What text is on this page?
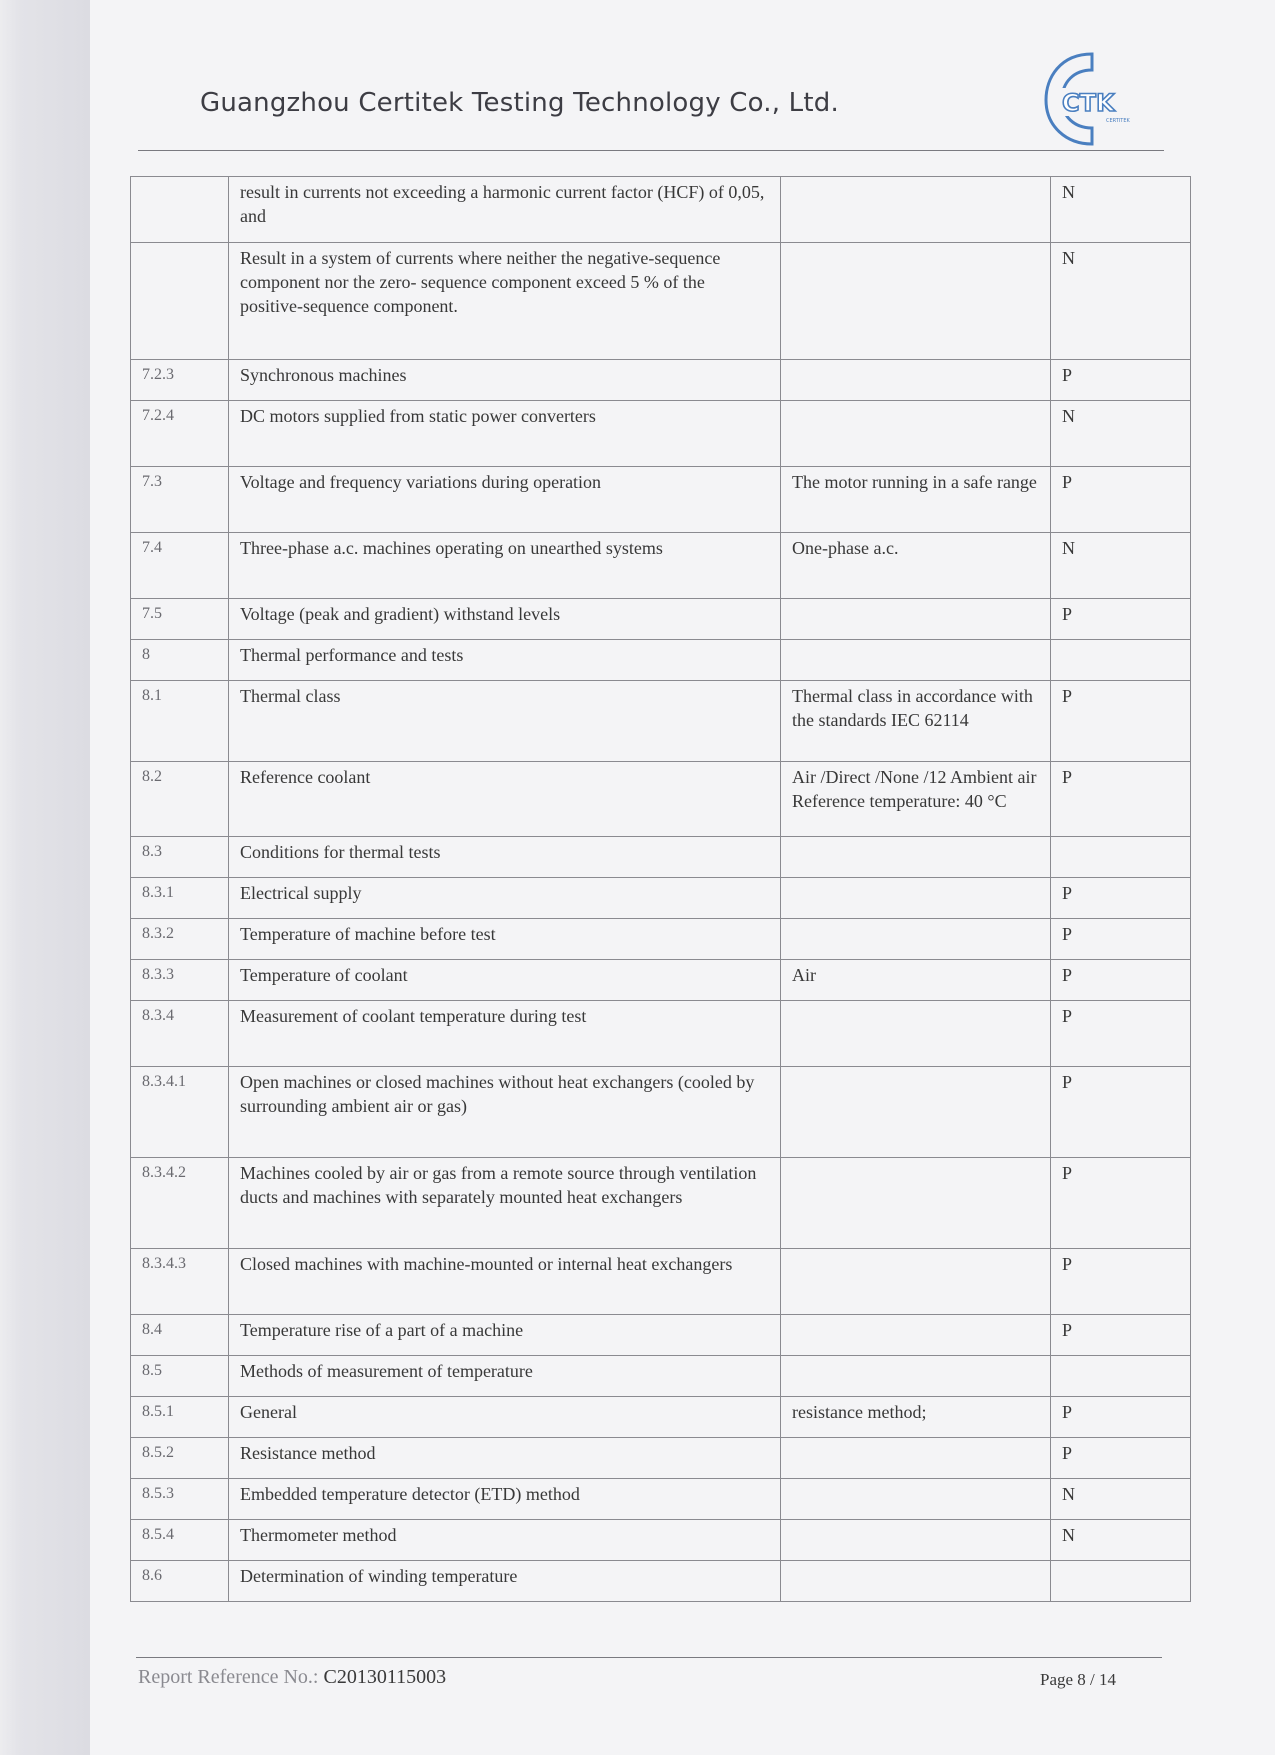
Guangzhou Certitek Testing Technology Co., Ltd.	CTK
CERTITEK
	result in currents not exceeding a harmonic current factor (HCF) of 0,05, and		N
	Result in a system of currents where neither the negative-sequence component nor the zero- sequence component exceed 5 % of the positive-sequence component.		N
7.2.3	Synchronous machines		P
7.2.4	DC motors supplied from static power converters		N
7.3	Voltage and frequency variations during operation	The motor running in a safe range	P
7.4	Three-phase a.c. machines operating on unearthed systems	One-phase a.c.	N
7.5	Voltage (peak and gradient) withstand levels		P
8	Thermal performance and tests		
8.1	Thermal class	Thermal class in accordance with the standards IEC 62114	P
8.2	Reference coolant	Air /Direct /None /12 Ambient air Reference temperature: 40 °C	P
8.3	Conditions for thermal tests		
8.3.1	Electrical supply		P
8.3.2	Temperature of machine before test		P
8.3.3	Temperature of coolant	Air	P
8.3.4	Measurement of coolant temperature during test		P
8.3.4.1	Open machines or closed machines without heat exchangers (cooled by surrounding ambient air or gas)		P
8.3.4.2	Machines cooled by air or gas from a remote source through ventilation ducts and machines with separately mounted heat exchangers		P
8.3.4.3	Closed machines with machine-mounted or internal heat exchangers		P
8.4	Temperature rise of a part of a machine		P
8.5	Methods of measurement of temperature		
8.5.1	General	resistance method;	P
8.5.2	Resistance method		P
8.5.3	Embedded temperature detector (ETD) method		N
8.5.4	Thermometer method		N
8.6	Determination of winding temperature		
Report Reference No.: C20130115003	Page 8 / 14
